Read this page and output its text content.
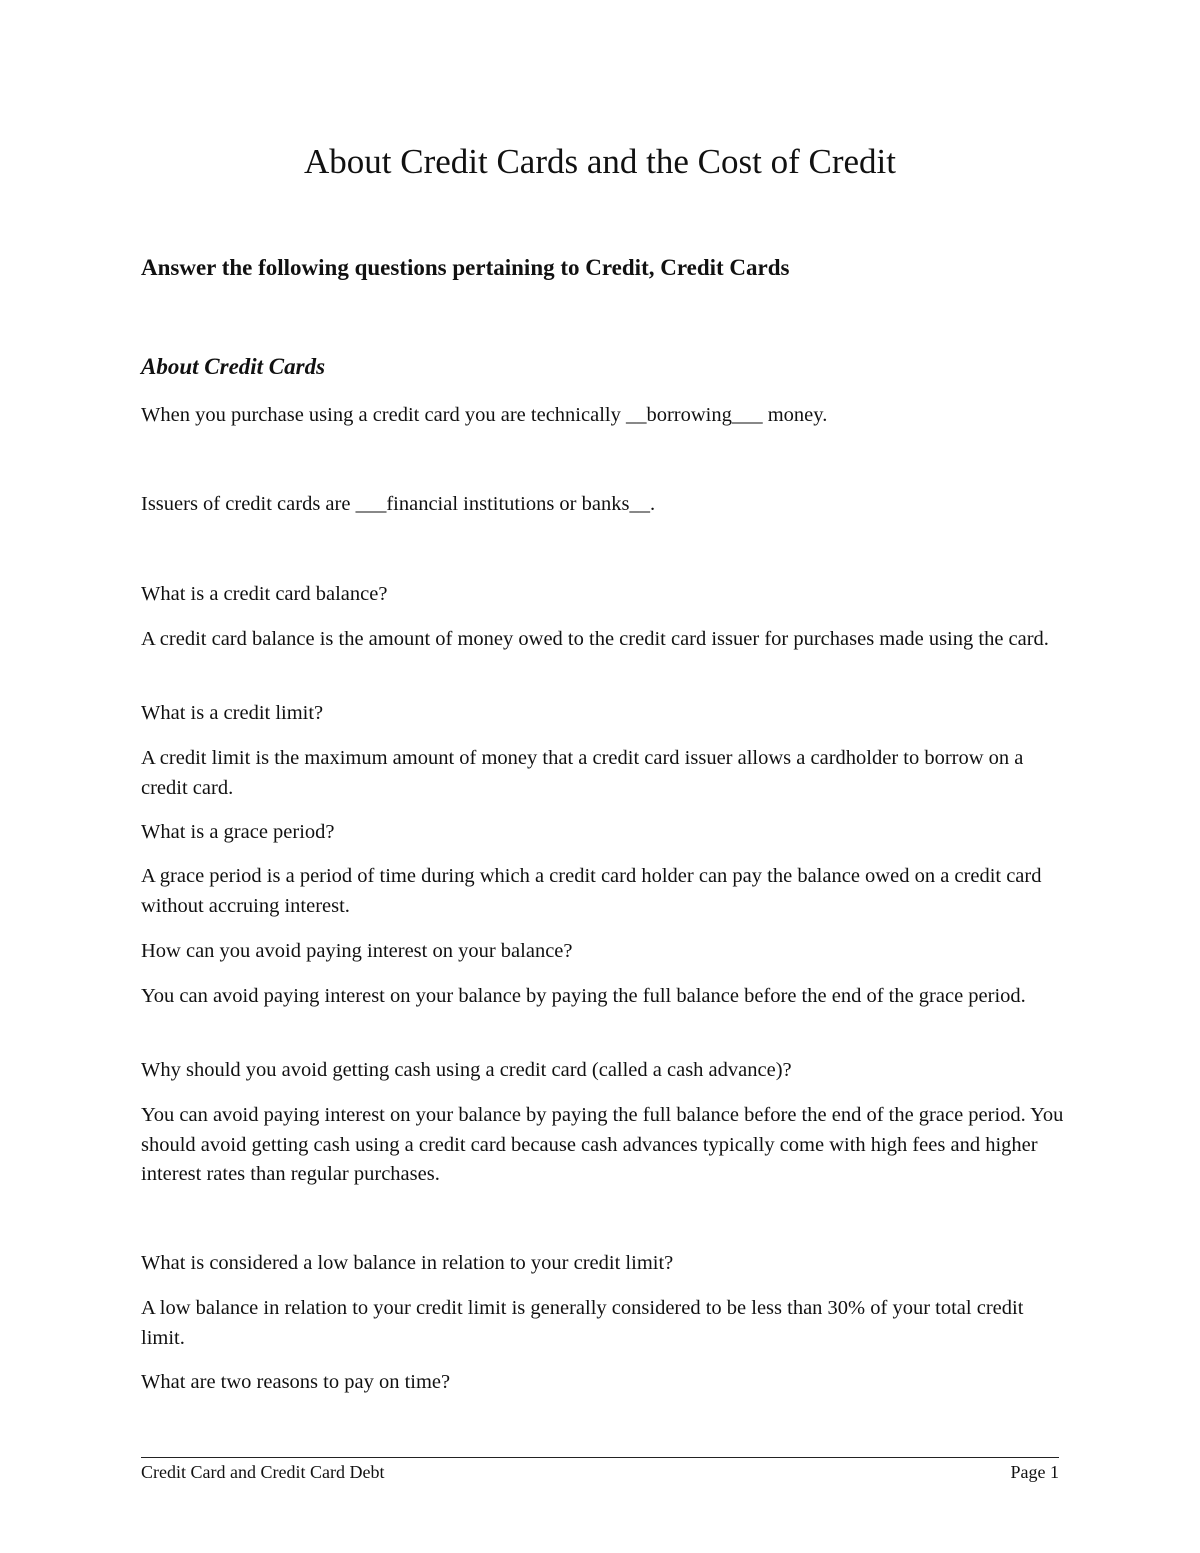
About Credit Cards and the Cost of Credit
Answer the following questions pertaining to Credit, Credit Cards
About Credit Cards

When you purchase using a credit card you are technically __borrowing___ money.

Issuers of credit cards are ___financial institutions or banks__.

What is a credit card balance?

A credit card balance is the amount of money owed to the credit card issuer for purchases made using the card.

What is a credit limit?

A credit limit is the maximum amount of money that a credit card issuer allows a cardholder to borrow on a credit card.

What is a grace period?

A grace period is a period of time during which a credit card holder can pay the balance owed on a credit card without accruing interest.

How can you avoid paying interest on your balance?

You can avoid paying interest on your balance by paying the full balance before the end of the grace period.

Why should you avoid getting cash using a credit card (called a cash advance)?

You can avoid paying interest on your balance by paying the full balance before the end of the grace period. You should avoid getting cash using a credit card because cash advances typically come with high fees and higher interest rates than regular purchases.

What is considered a low balance in relation to your credit limit?

A low balance in relation to your credit limit is generally considered to be less than 30% of your total credit limit.

What are two reasons to pay on time?

Credit Card and Credit Card Debt	Page 1
